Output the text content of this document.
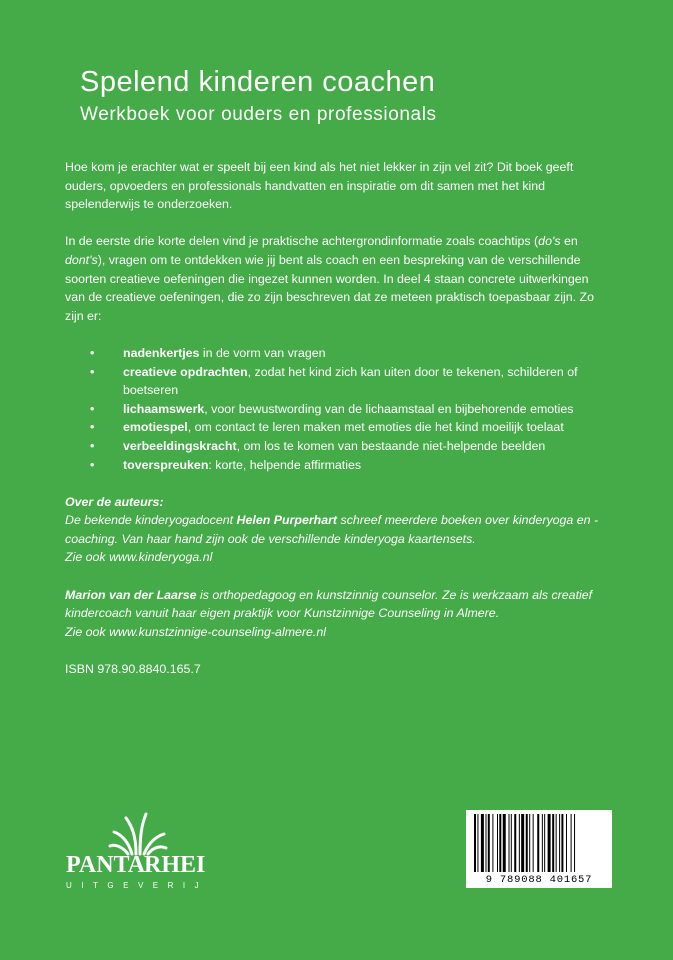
Spelend kinderen coachen
Werkboek voor ouders en professionals

Hoe kom je erachter wat er speelt bij een kind als het niet lekker in zijn vel zit? Dit boek geeft ouders, opvoeders en professionals handvatten en inspiratie om dit samen met het kind spelenderwijs te onderzoeken.

In de eerste drie korte delen vind je praktische achtergrondinformatie zoals coachtips (do's en dont's), vragen om te ontdekken wie jij bent als coach en een bespreking van de verschillende soorten creatieve oefeningen die ingezet kunnen worden. In deel 4 staan concrete uitwerkingen van de creatieve oefeningen, die zo zijn beschreven dat ze meteen praktisch toepasbaar zijn. Zo zijn er:

• nadenkertjes in de vorm van vragen
• creatieve opdrachten, zodat het kind zich kan uiten door te tekenen, schilderen of boetseren
• lichaamswerk, voor bewustwording van de lichaamstaal en bijbehorende emoties
• emotiespel, om contact te leren maken met emoties die het kind moeilijk toelaat
• verbeeldingskracht, om los te komen van bestaande niet-helpende beelden
• toverspreuken: korte, helpende affirmaties

Over de auteurs:
De bekende kinderyogadocent Helen Purperhart schreef meerdere boeken over kinderyoga en -coaching. Van haar hand zijn ook de verschillende kinderyoga kaartensets.
Zie ook www.kinderyoga.nl

Marion van der Laarse is orthopedagoog en kunstzinnig counselor. Ze is werkzaam als creatief kindercoach vanuit haar eigen praktijk voor Kunstzinnige Counseling in Almere.
Zie ook www.kunstzinnige-counseling-almere.nl

ISBN 978.90.8840.165.7

PANTA
RHEI
UITGEVERIJ	9 789088 401657
